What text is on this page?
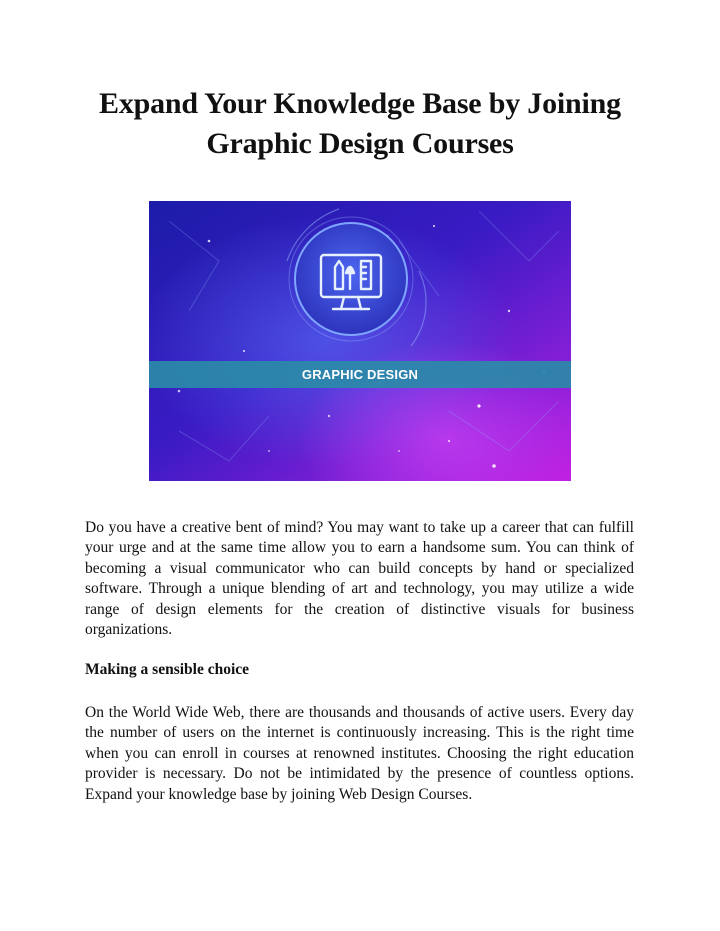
Expand Your Knowledge Base by Joining
Graphic Design Courses
GRAPHIC DESIGN

Do you have a creative bent of mind? You may want to take up a career that can fulfill your urge and at the same time allow you to earn a handsome sum. You can think of becoming a visual communicator who can build concepts by hand or specialized software. Through a unique blending of art and technology, you may utilize a wide range of design elements for the creation of distinctive visuals for business organizations.

Making a sensible choice

On the World Wide Web, there are thousands and thousands of active users. Every day the number of users on the internet is continuously increasing. This is the right time when you can enroll in courses at renowned institutes. Choosing the right education provider is necessary. Do not be intimidated by the presence of countless options. Expand your knowledge base by joining Web Design Courses.
